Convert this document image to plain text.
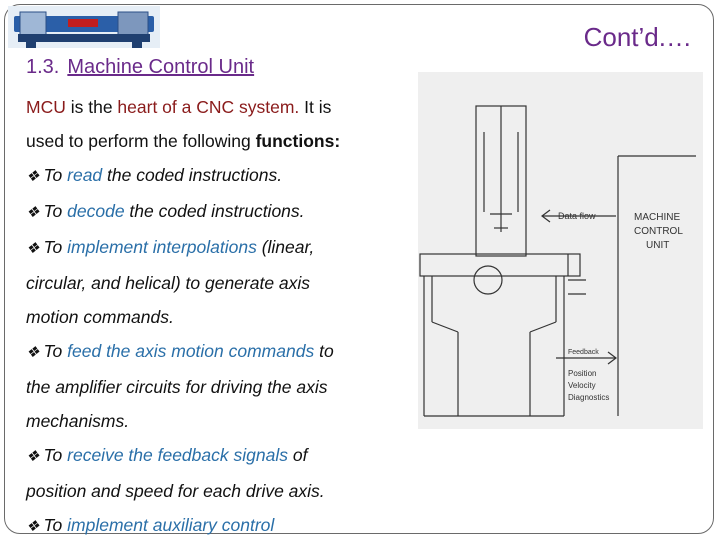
Cont’d.…
1.3. Machine Control Unit
MCU is the heart of a CNC system. It is
used to perform the following functions:
❖ To read the coded instructions.
❖ To decode the coded instructions.
❖ To implement interpolations (linear,
circular, and helical) to generate axis
motion commands.
❖ To feed the axis motion commands to
the amplifier circuits for driving the axis
mechanisms.
❖ To receive the feedback signals of
position and speed for each drive axis.
❖ To implement auxiliary control
Data flow	MACHINE
CONTROL
UNIT
Feedback
Position
Velocity
Diagnostics
